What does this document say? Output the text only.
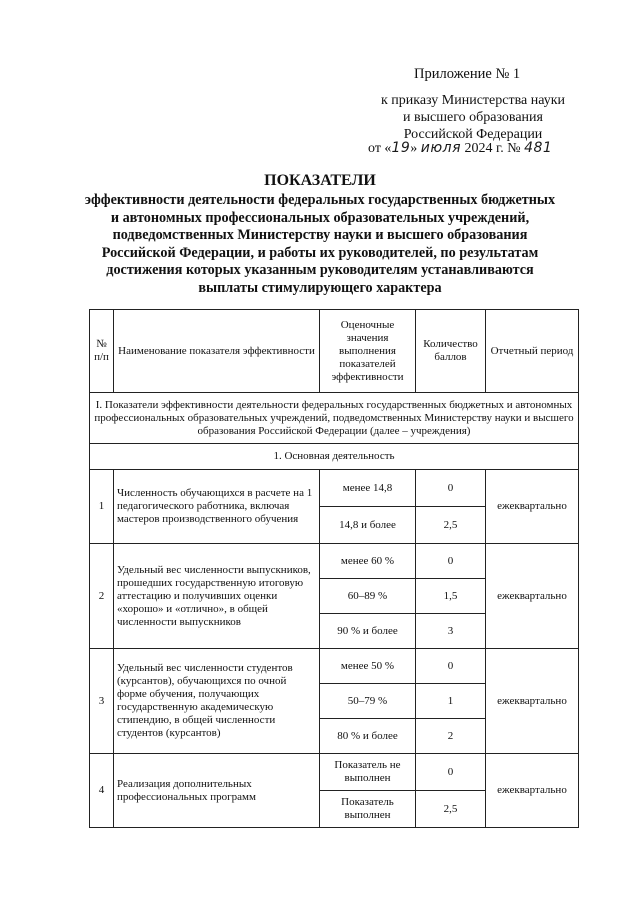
Приложение № 1
к приказу Министерства науки
и высшего образования
Российской Федерации
от «19» июля 2024 г. № 481
ПОКАЗАТЕЛИ
эффективности деятельности федеральных государственных бюджетных и автономных профессиональных образовательных учреждений, подведомственных Министерству науки и высшего образования Российской Федерации, и работы их руководителей, по результатам достижения которых указанным руководителям устанавливаются выплаты стимулирующего характера
№ п/п	Наименование показателя эффективности	Оценочные значения выполнения показателей эффективности	Количество баллов	Отчетный период
I. Показатели эффективности деятельности федеральных государственных бюджетных и автономных профессиональных образовательных учреждений, подведомственных Министерству науки и высшего образования Российской Федерации (далее – учреждения)				
1. Основная деятельность				
1	Численность обучающихся в расчете на 1 педагогического работника, включая мастеров производственного обучения	менее 14,8	0	ежеквартально
		14,8 и более	2,5	
2	Удельный вес численности выпускников, прошедших государственную итоговую аттестацию и получивших оценки «хорошо» и «отлично», в общей численности выпускников	менее 60 %	0	ежеквартально
		60–89 %	1,5	
		90 % и более	3	
3	Удельный вес численности студентов (курсантов), обучающихся по очной форме обучения, получающих государственную академическую стипендию, в общей численности студентов (курсантов)	менее 50 %	0	ежеквартально
		50–79 %	1	
		80 % и более	2	
4	Реализация дополнительных профессиональных программ	Показатель не выполнен	0	ежеквартально
		Показатель выполнен	2,5	
